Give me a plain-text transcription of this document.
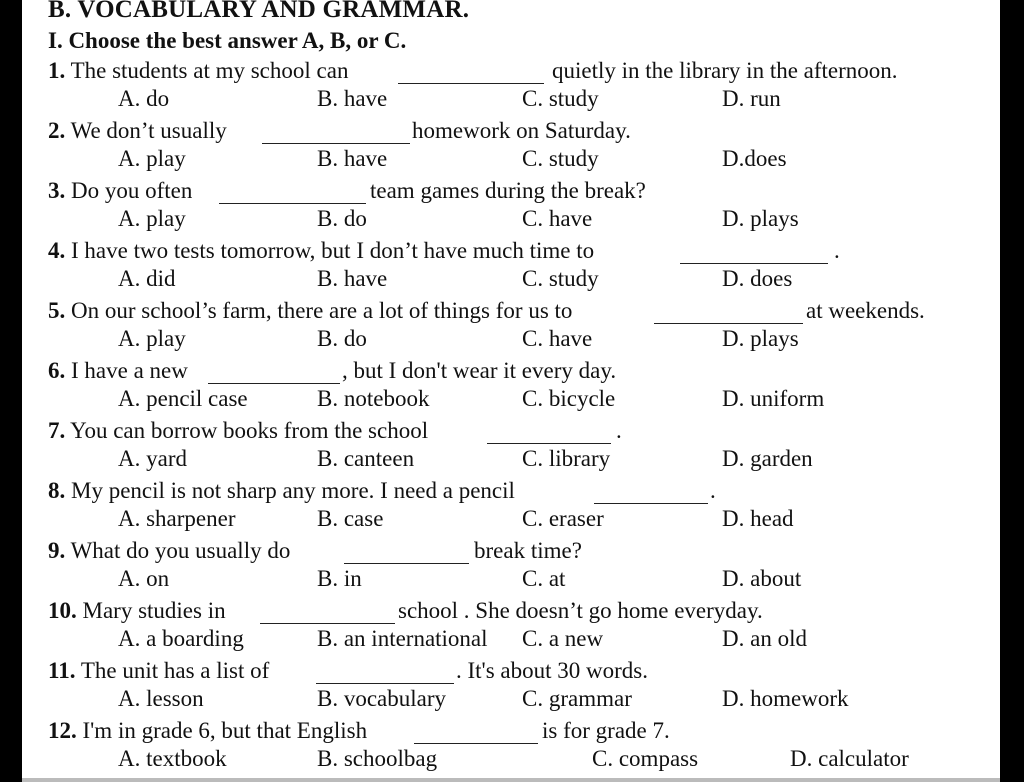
B. VOCABULARY AND GRAMMAR.
I. Choose the best answer A, B, or C.
1. The students at my school can	quietly in the library in the afternoon.
A. do	B. have	C. study	D. run
2. We don’t usually	homework on Saturday.
A. play	B. have	C. study	D.does
3. Do you often	team games during the break?
A. play	B. do	C. have	D. plays
4. I have two tests tomorrow, but I don’t have much time to	.
A. did	B. have	C. study	D. does
5. On our school’s farm, there are a lot of things for us to	at weekends.
A. play	B. do	C. have	D. plays
6. I have a new	, but I don't wear it every day.
A. pencil case	B. notebook	C. bicycle	D. uniform
7. You can borrow books from the school	.
A. yard	B. canteen	C. library	D. garden
8. My pencil is not sharp any more. I need a pencil	.
A. sharpener	B. case	C. eraser	D. head
9. What do you usually do	break time?
A. on	B. in	C. at	D. about
10. Mary studies in	school . She doesn’t go home everyday.
A. a boarding	B. an international C. a new	D. an old
11. The unit has a list of	. It's about 30 words.
A. lesson	B. vocabulary	C. grammar	D. homework
12. I'm in grade 6, but that English	is for grade 7.
A. textbook	B. schoolbag	C. compass	D. calculator
